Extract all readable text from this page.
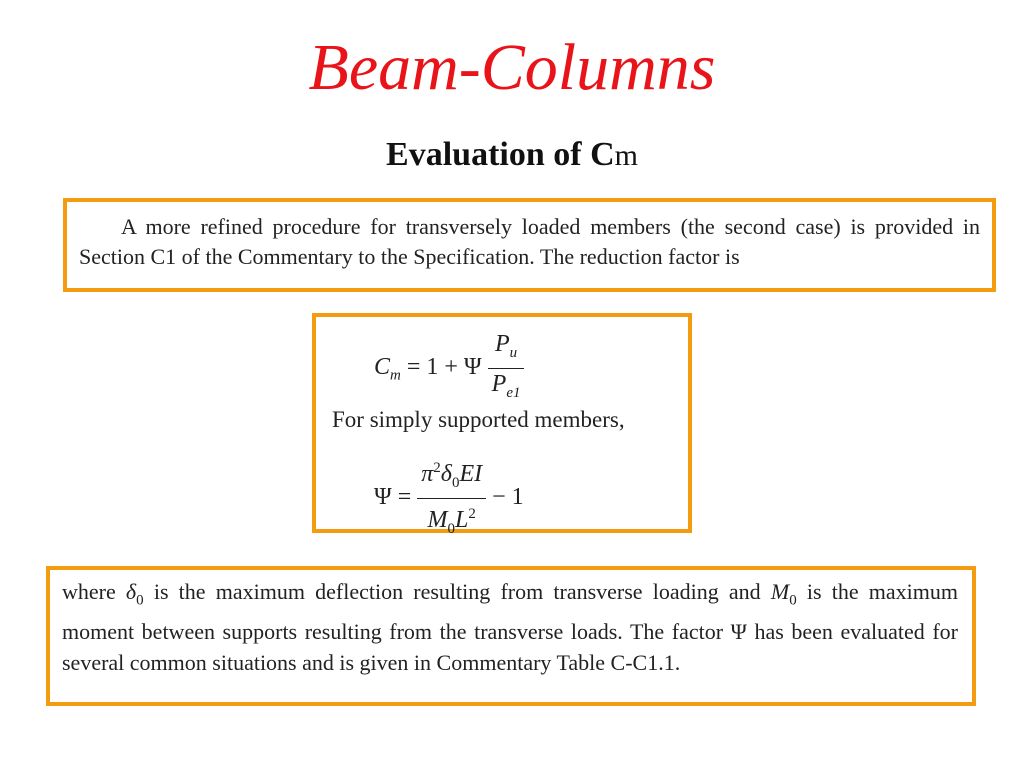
Beam-Columns
Evaluation of Cm

A more refined procedure for transversely loaded members (the second case) is provided in Section C1 of the Commentary to the Specification. The reduction factor is

$C_m = 1 + \Psi \frac{P_u}{P_{e1}}$
For simply supported members,
$\Psi = \frac{\pi^2\delta_0EI}{M_0L^2} - 1$

where $\delta_0$ is the maximum deflection resulting from transverse loading and $M_0$ is the maximum moment between supports resulting from the transverse loads. The factor Ψ has been evaluated for several common situations and is given in Commentary Table C-C1.1.
